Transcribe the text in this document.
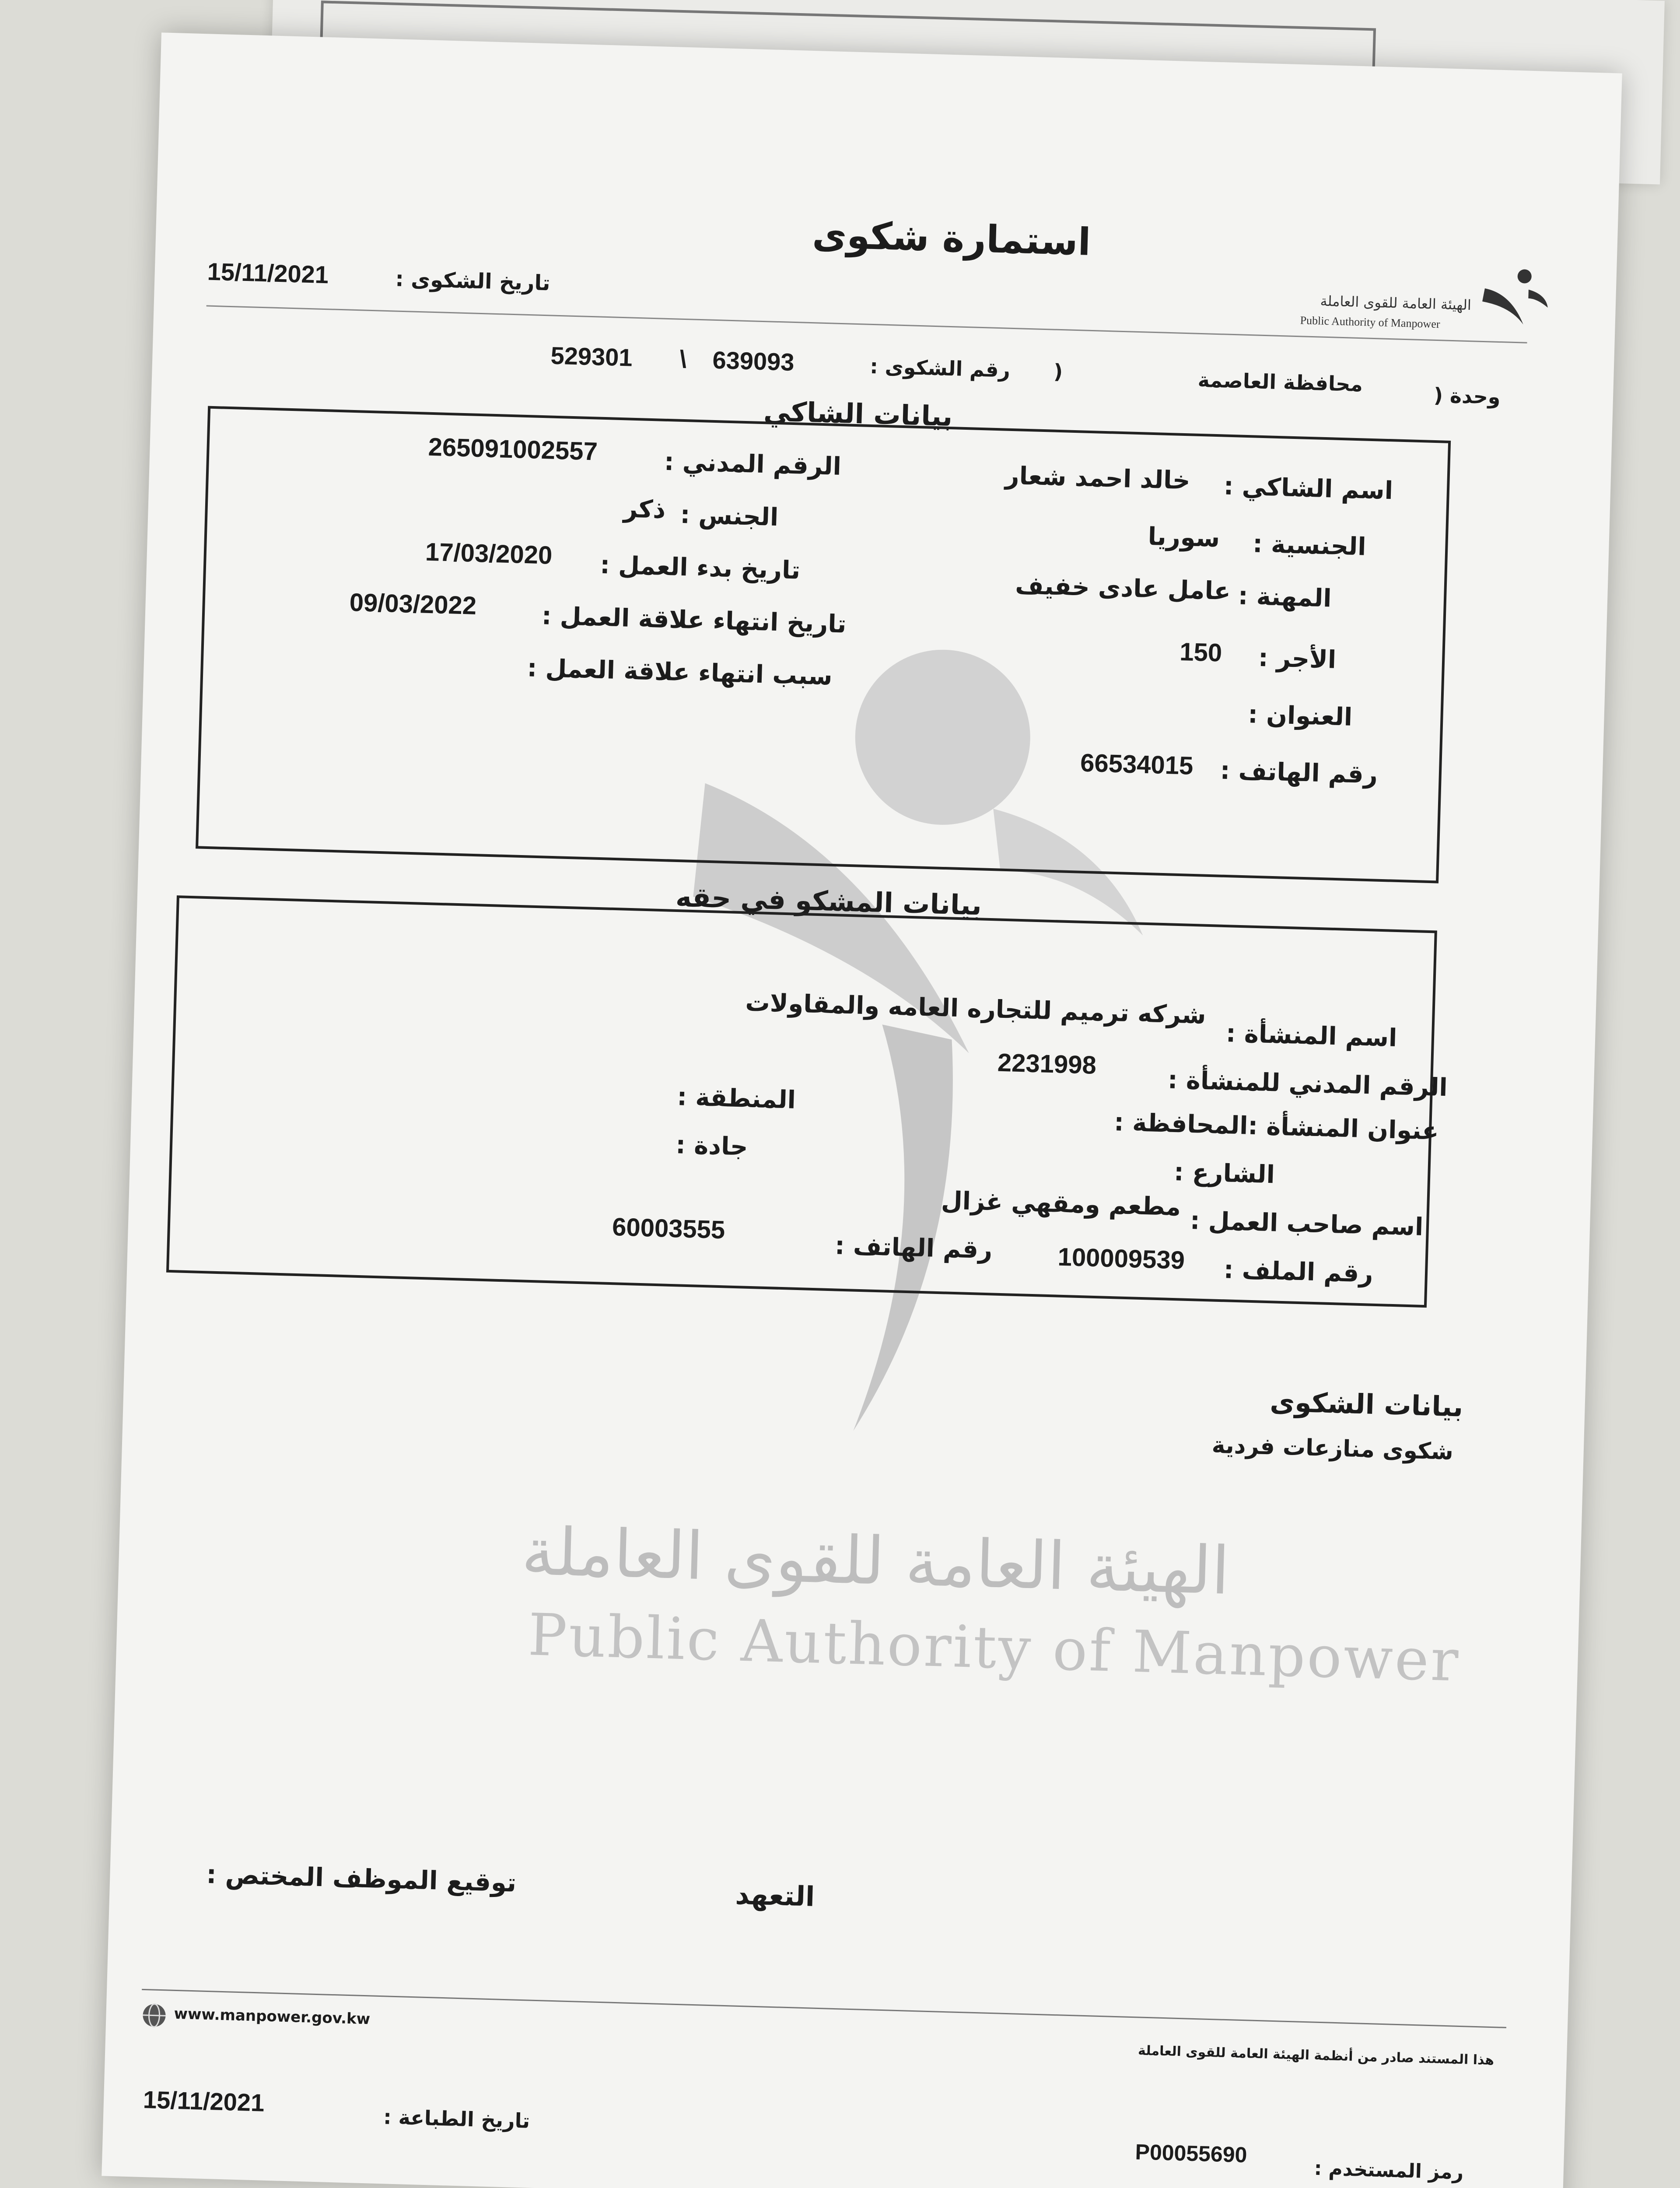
الهيئة العامة للقوى العاملة
Public Authority of Manpower
الهيئة العامة للقوى العاملة
Public Authority of Manpower
استمارة شكوى
تاريخ الشكوى :
15/11/2021
وحدة (
محافظة العاصمة
)
رقم الشكوى :
639093
\
529301
بيانات الشاكي
اسم الشاكي :
خالد احمد شعار
الجنسية :
سوريا
المهنة :
عامل عادى خفيف
الأجر :
150
العنوان :
رقم الهاتف :
66534015
الرقم المدني :
265091002557
الجنس :
ذكر
تاريخ بدء العمل :
17/03/2020
تاريخ انتهاء علاقة العمل :
09/03/2022
سبب انتهاء علاقة العمل :
بيانات المشكو في حقه
اسم المنشأة :
شركه ترميم للتجاره العامه والمقاولات
الرقم المدني للمنشأة :
2231998
عنوان المنشأة :المحافظة :
المنطقة :
الشارع :
جادة :
اسم صاحب العمل :
مطعم ومقهي غزال
رقم الملف :
100009539
رقم الهاتف :
60003555
بيانات الشكوى
شكوى منازعات فردية
التعهد
توقيع الموظف المختص :
www.manpower.gov.kw
هذا المستند صادر من أنظمة الهيئة العامة للقوى العاملة
تاريخ الطباعة :
15/11/2021
رمز المستخدم :
P00055690
